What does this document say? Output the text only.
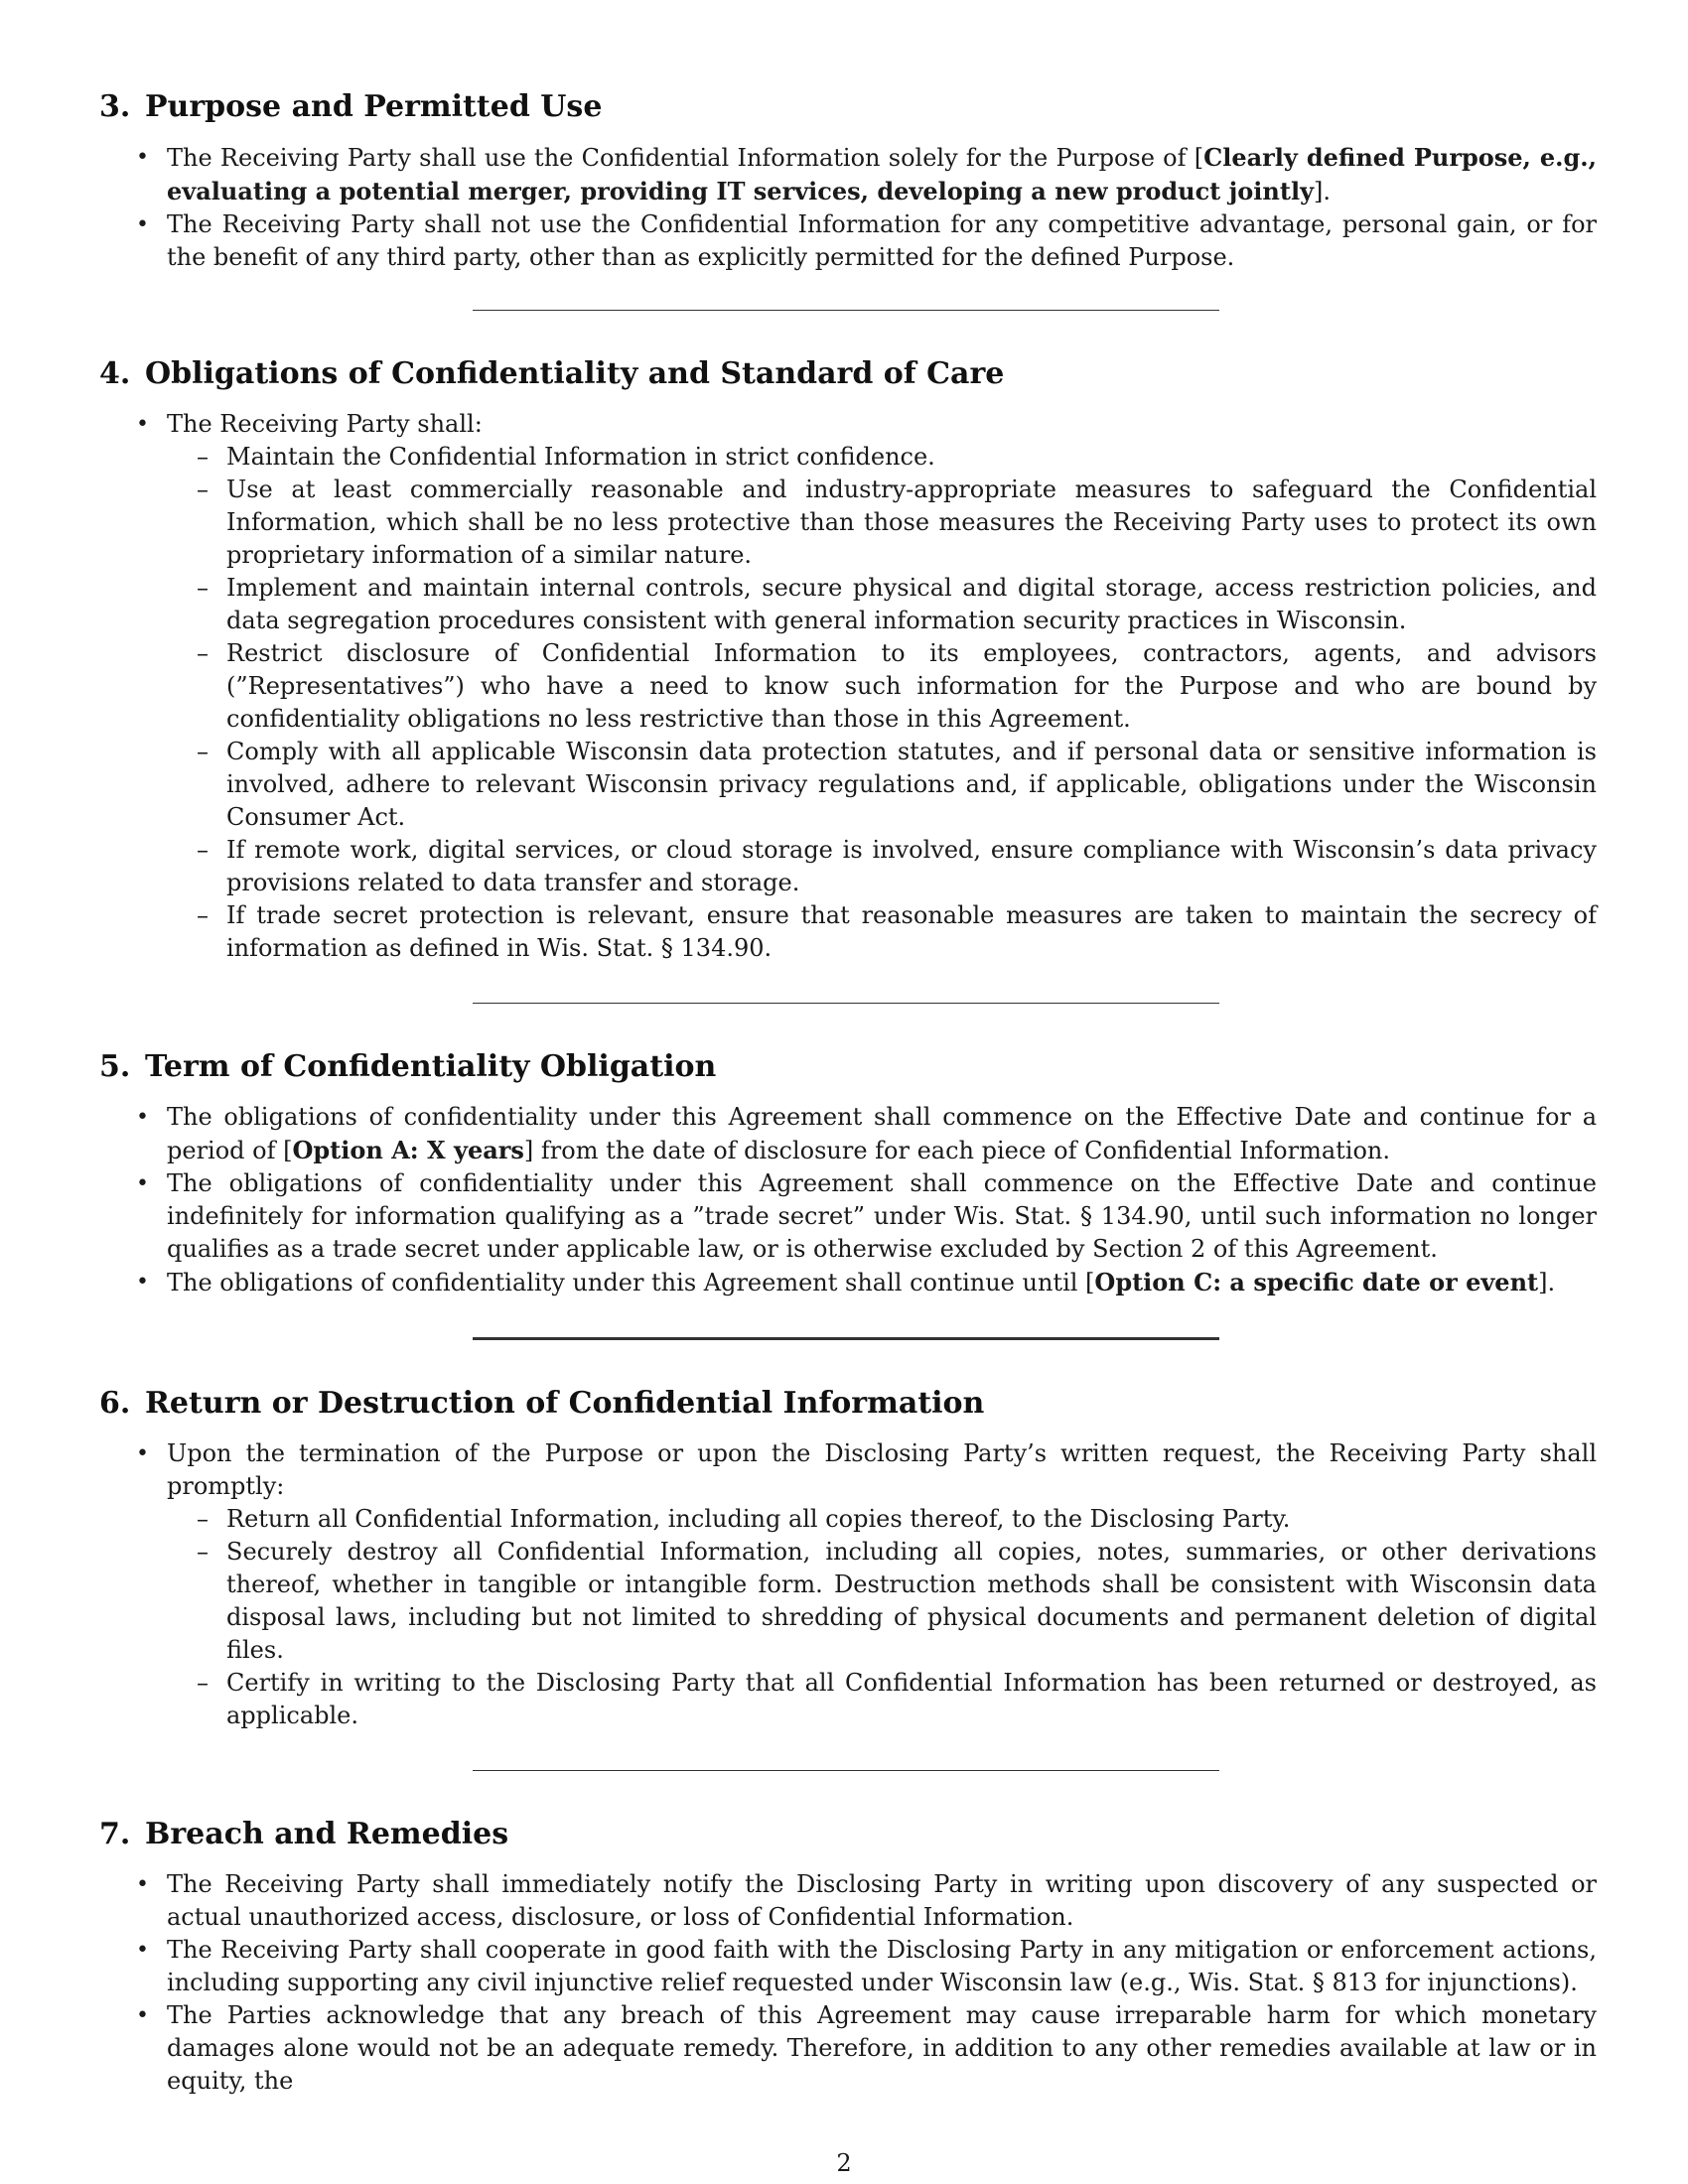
3. Purpose and Permitted Use
• The Receiving Party shall use the Confidential Information solely for the Purpose of [Clearly defined Purpose, e.g., evaluating a potential merger, providing IT services, developing a new product jointly].
• The Receiving Party shall not use the Confidential Information for any competitive advantage, personal gain, or for the benefit of any third party, other than as explicitly permitted for the defined Purpose.
4. Obligations of Confidentiality and Standard of Care
• The Receiving Party shall:
– Maintain the Confidential Information in strict confidence.
– Use at least commercially reasonable and industry-appropriate measures to safeguard the Confidential Information, which shall be no less protective than those measures the Receiving Party uses to protect its own proprietary information of a similar nature.
– Implement and maintain internal controls, secure physical and digital storage, access restriction policies, and data segregation procedures consistent with general information security practices in Wisconsin.
– Restrict disclosure of Confidential Information to its employees, contractors, agents, and advisors (”Representatives”) who have a need to know such information for the Purpose and who are bound by confidentiality obligations no less restrictive than those in this Agreement.
– Comply with all applicable Wisconsin data protection statutes, and if personal data or sensitive information is involved, adhere to relevant Wisconsin privacy regulations and, if applicable, obligations under the Wisconsin Consumer Act.
– If remote work, digital services, or cloud storage is involved, ensure compliance with Wisconsin’s data privacy provisions related to data transfer and storage.
– If trade secret protection is relevant, ensure that reasonable measures are taken to maintain the secrecy of information as defined in Wis. Stat. § 134.90.
5. Term of Confidentiality Obligation
• The obligations of confidentiality under this Agreement shall commence on the Effective Date and continue for a period of [Option A: X years] from the date of disclosure for each piece of Confidential Information.
• The obligations of confidentiality under this Agreement shall commence on the Effective Date and continue indefinitely for information qualifying as a ”trade secret” under Wis. Stat. § 134.90, until such information no longer qualifies as a trade secret under applicable law, or is otherwise excluded by Section 2 of this Agreement.
• The obligations of confidentiality under this Agreement shall continue until [Option C: a specific date or event].
6. Return or Destruction of Confidential Information
• Upon the termination of the Purpose or upon the Disclosing Party’s written request, the Receiving Party shall promptly:
– Return all Confidential Information, including all copies thereof, to the Disclosing Party.
– Securely destroy all Confidential Information, including all copies, notes, summaries, or other derivations thereof, whether in tangible or intangible form. Destruction methods shall be consistent with Wisconsin data disposal laws, including but not limited to shredding of physical documents and permanent deletion of digital files.
– Certify in writing to the Disclosing Party that all Confidential Information has been returned or destroyed, as applicable.
7. Breach and Remedies
• The Receiving Party shall immediately notify the Disclosing Party in writing upon discovery of any suspected or actual unauthorized access, disclosure, or loss of Confidential Information.
• The Receiving Party shall cooperate in good faith with the Disclosing Party in any mitigation or enforcement actions, including supporting any civil injunctive relief requested under Wisconsin law (e.g., Wis. Stat. § 813 for injunctions).
• The Parties acknowledge that any breach of this Agreement may cause irreparable harm for which monetary damages alone would not be an adequate remedy. Therefore, in addition to any other remedies available at law or in equity, the
2
